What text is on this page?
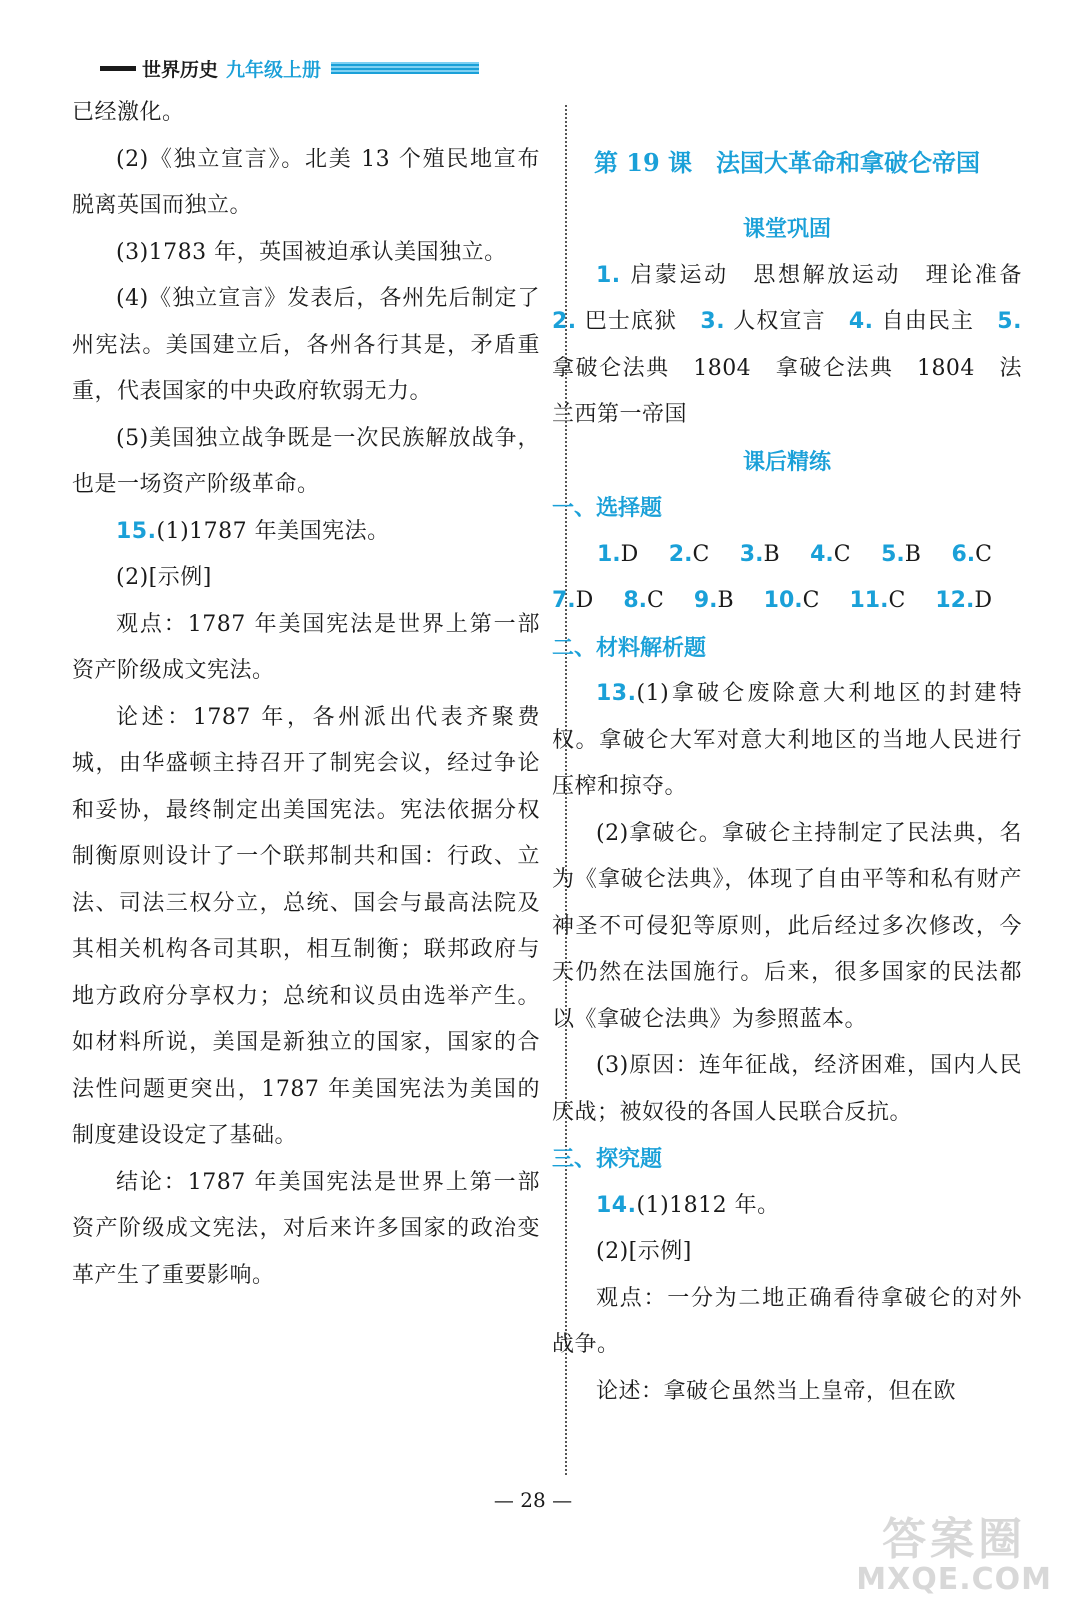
世界历史 九年级上册

已经激化。

(2)《独立宣言》。北美 13 个殖民地宣布脱离英国而独立。

(3)1783 年，英国被迫承认美国独立。

(4)《独立宣言》发表后，各州先后制定了州宪法。美国建立后，各州各行其是，矛盾重重，代表国家的中央政府软弱无力。

(5)美国独立战争既是一次民族解放战争，也是一场资产阶级革命。

15.(1)1787 年美国宪法。

(2)[示例]

观点：1787 年美国宪法是世界上第一部资产阶级成文宪法。

论述：1787 年，各州派出代表齐聚费城，由华盛顿主持召开了制宪会议，经过争论和妥协，最终制定出美国宪法。宪法依据分权制衡原则设计了一个联邦制共和国：行政、立法、司法三权分立，总统、国会与最高法院及其相关机构各司其职，相互制衡；联邦政府与地方政府分享权力；总统和议员由选举产生。如材料所说，美国是新独立的国家，国家的合法性问题更突出，1787 年美国宪法为美国的制度建设设定了基础。

结论：1787 年美国宪法是世界上第一部资产阶级成文宪法，对后来许多国家的政治变革产生了重要影响。

第 19 课　法国大革命和拿破仑帝国
课堂巩固

1. 启蒙运动　思想解放运动　理论准备　2. 巴士底狱　 3. 人权宣言　 4. 自由民主　 5. 拿破仑法典　1804　拿破仑法典　1804　法兰西第一帝国

课后精练
一、选择题
1.D 2.C 3.B 4.C 5.B 6.C
7.D 8.C 9.B 10.C 11.C 12.D
二、材料解析题

13.(1)拿破仑废除意大利地区的封建特权。拿破仑大军对意大利地区的当地人民进行压榨和掠夺。

(2)拿破仑。拿破仑主持制定了民法典，名为《拿破仑法典》，体现了自由平等和私有财产神圣不可侵犯等原则，此后经过多次修改，今天仍然在法国施行。后来，很多国家的民法都以《拿破仑法典》为参照蓝本。

(3)原因：连年征战，经济困难，国内人民厌战；被奴役的各国人民联合反抗。

三、探究题

14.(1)1812 年。

(2)[示例]

观点：一分为二地正确看待拿破仑的对外战争。

论述：拿破仑虽然当上皇帝，但在欧

— 28 —
答案圈
MXQE.COM
